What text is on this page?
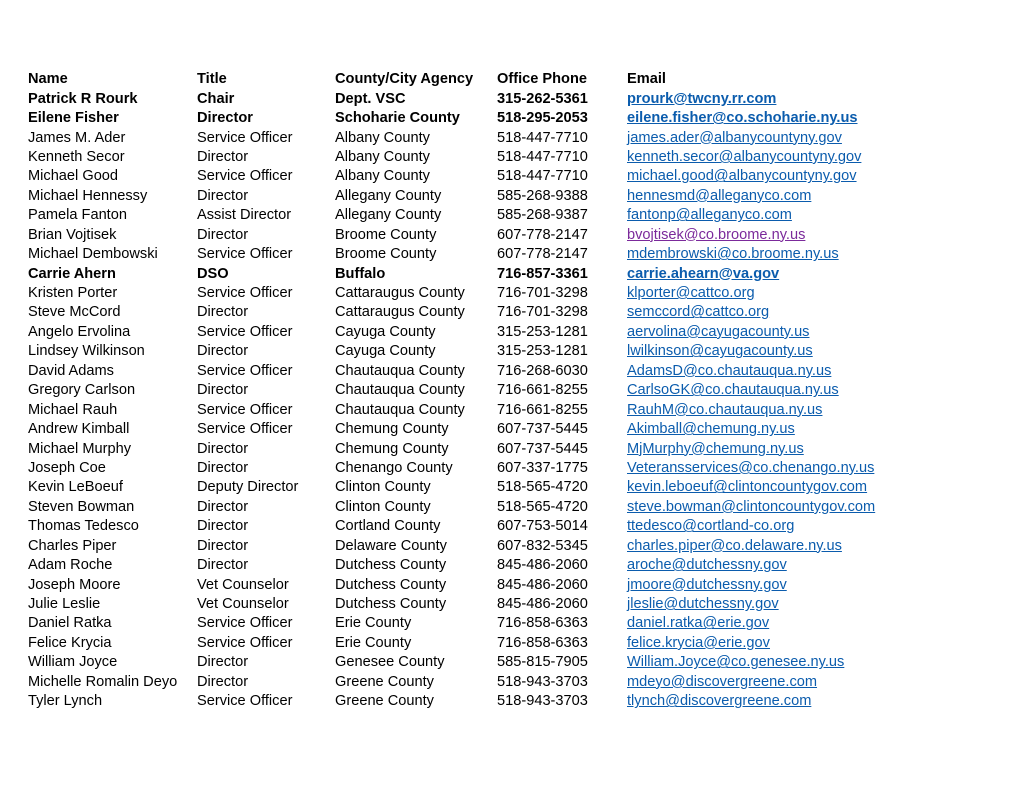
Name	Title	County/City Agency	Office Phone	Email
Patrick R Rourk	Chair	Dept. VSC	315-262-5361	prourk@twcny.rr.com
Eilene Fisher	Director	Schoharie County	518-295-2053	eilene.fisher@co.schoharie.ny.us
James M. Ader	Service Officer	Albany County	518-447-7710	james.ader@albanycountyny.gov
Kenneth Secor	Director	Albany County	518-447-7710	kenneth.secor@albanycountyny.gov
Michael Good	Service Officer	Albany County	518-447-7710	michael.good@albanycountyny.gov
Michael Hennessy	Director	Allegany County	585-268-9388	hennesmd@alleganyco.com
Pamela Fanton	Assist Director	Allegany County	585-268-9387	fantonp@alleganyco.com
Brian Vojtisek	Director	Broome County	607-778-2147	bvojtisek@co.broome.ny.us
Michael Dembowski	Service Officer	Broome County	607-778-2147	mdembrowski@co.broome.ny.us
Carrie Ahern	DSO	Buffalo	716-857-3361	carrie.ahearn@va.gov
Kristen Porter	Service Officer	Cattaraugus County	716-701-3298	klporter@cattco.org
Steve McCord	Director	Cattaraugus County	716-701-3298	semccord@cattco.org
Angelo Ervolina	Service Officer	Cayuga County	315-253-1281	aervolina@cayugacounty.us
Lindsey Wilkinson	Director	Cayuga County	315-253-1281	lwilkinson@cayugacounty.us
David Adams	Service Officer	Chautauqua County	716-268-6030	AdamsD@co.chautauqua.ny.us
Gregory Carlson	Director	Chautauqua County	716-661-8255	CarlsoGK@co.chautauqua.ny.us
Michael Rauh	Service Officer	Chautauqua County	716-661-8255	RauhM@co.chautauqua.ny.us
Andrew Kimball	Service Officer	Chemung County	607-737-5445	Akimball@chemung.ny.us
Michael Murphy	Director	Chemung County	607-737-5445	MjMurphy@chemung.ny.us
Joseph Coe	Director	Chenango County	607-337-1775	Veteransservices@co.chenango.ny.us
Kevin LeBoeuf	Deputy Director	Clinton County	518-565-4720	kevin.leboeuf@clintoncountygov.com
Steven Bowman	Director	Clinton County	518-565-4720	steve.bowman@clintoncountygov.com
Thomas Tedesco	Director	Cortland County	607-753-5014	ttedesco@cortland-co.org
Charles Piper	Director	Delaware County	607-832-5345	charles.piper@co.delaware.ny.us
Adam Roche	Director	Dutchess County	845-486-2060	aroche@dutchessny.gov
Joseph Moore	Vet Counselor	Dutchess County	845-486-2060	jmoore@dutchessny.gov
Julie Leslie	Vet Counselor	Dutchess County	845-486-2060	jleslie@dutchessny.gov
Daniel Ratka	Service Officer	Erie County	716-858-6363	daniel.ratka@erie.gov
Felice Krycia	Service Officer	Erie County	716-858-6363	felice.krycia@erie.gov
William Joyce	Director	Genesee County	585-815-7905	William.Joyce@co.genesee.ny.us
Michelle Romalin Deyo	Director	Greene County	518-943-3703	mdeyo@discovergreene.com
Tyler Lynch	Service Officer	Greene County	518-943-3703	tlynch@discovergreene.com
